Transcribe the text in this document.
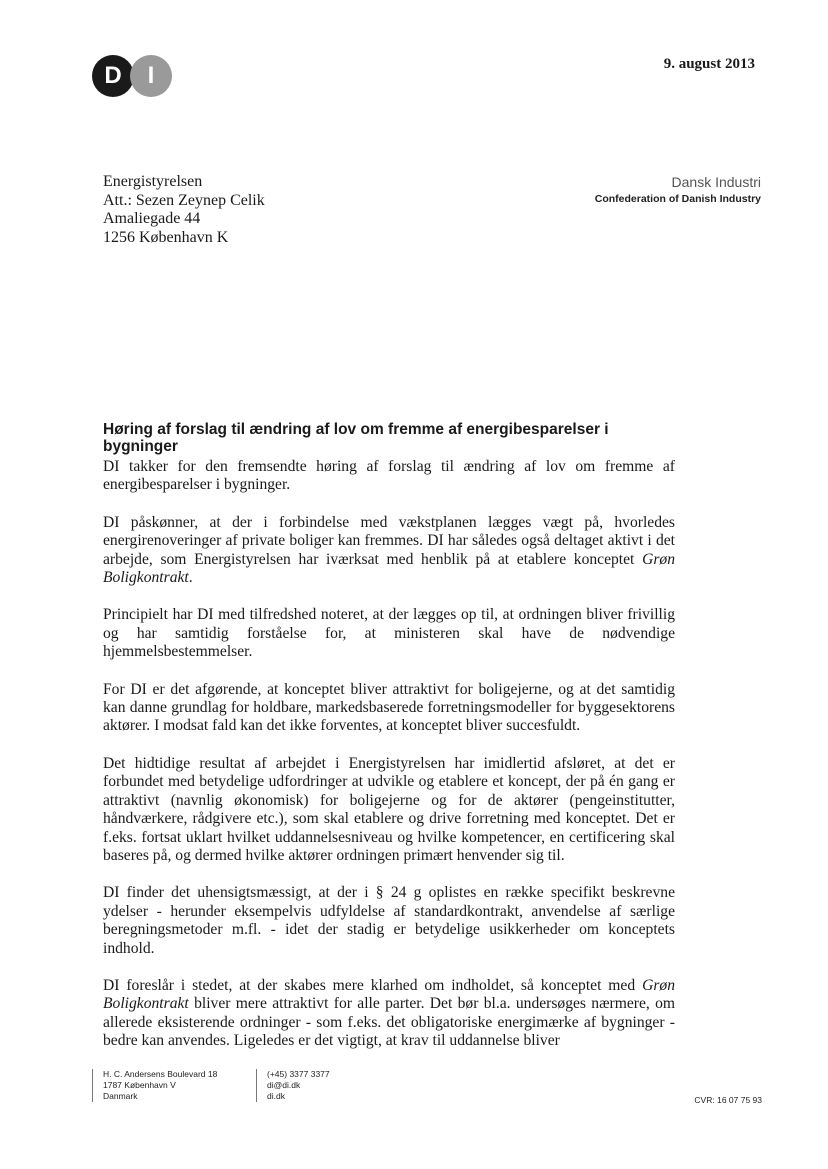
D	I	9. august 2013
Energistyrelsen
Att.: Sezen Zeynep Celik
Amaliegade 44
1256 København K
Dansk Industri
Confederation of Danish Industry
Høring af forslag til ændring af lov om fremme af energibesparelser i bygninger

DI takker for den fremsendte høring af forslag til ændring af lov om fremme af energibesparelser i bygninger.

DI påskønner, at der i forbindelse med vækstplanen lægges vægt på, hvorledes energirenoveringer af private boliger kan fremmes. DI har således også deltaget aktivt i det arbejde, som Energistyrelsen har iværksat med henblik på at etablere konceptet Grøn Boligkontrakt.

Principielt har DI med tilfredshed noteret, at der lægges op til, at ordningen bliver frivillig og har samtidig forståelse for, at ministeren skal have de nødvendige hjemmelsbestemmelser.

For DI er det afgørende, at konceptet bliver attraktivt for boligejerne, og at det samtidig kan danne grundlag for holdbare, markedsbaserede forretningsmodeller for byggesektorens aktører. I modsat fald kan det ikke forventes, at konceptet bliver succesfuldt.

Det hidtidige resultat af arbejdet i Energistyrelsen har imidlertid afsløret, at det er forbundet med betydelige udfordringer at udvikle og etablere et koncept, der på én gang er attraktivt (navnlig økonomisk) for boligejerne og for de aktører (pengeinstitutter, håndværkere, rådgivere etc.), som skal etablere og drive forretning med konceptet. Det er f.eks. fortsat uklart hvilket uddannelsesniveau og hvilke kompetencer, en certificering skal baseres på, og dermed hvilke aktører ordningen primært henvender sig til.

DI finder det uhensigtsmæssigt, at der i § 24 g oplistes en række specifikt beskrevne ydelser - herunder eksempelvis udfyldelse af standardkontrakt, anvendelse af særlige beregningsmetoder m.fl. - idet der stadig er betydelige usikkerheder om konceptets indhold.

DI foreslår i stedet, at der skabes mere klarhed om indholdet, så konceptet med Grøn Boligkontrakt bliver mere attraktivt for alle parter. Det bør bl.a. undersøges nærmere, om allerede eksisterende ordninger - som f.eks. det obligatoriske energimærke af bygninger - bedre kan anvendes. Ligeledes er det vigtigt, at krav til uddannelse bliver

H. C. Andersens Boulevard 18
1787 København V
Danmark
(+45) 3377 3377
di@di.dk
di.dk	CVR: 16 07 75 93
